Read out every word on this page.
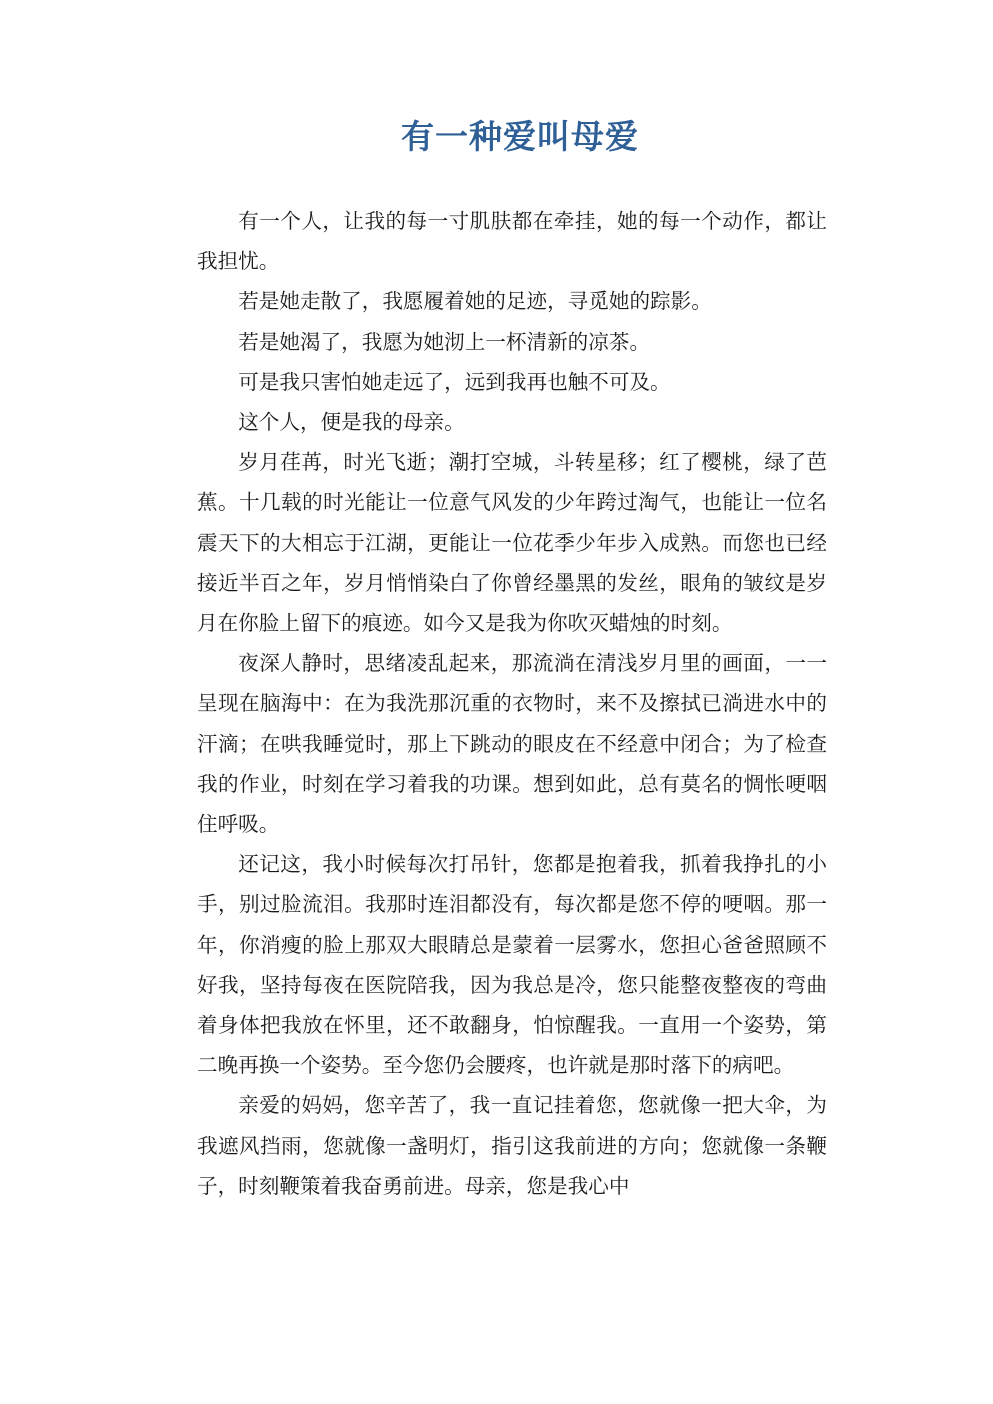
有一种爱叫母爱

有一个人，让我的每一寸肌肤都在牵挂，她的每一个动作，都让我担忧。

若是她走散了，我愿履着她的足迹，寻觅她的踪影。

若是她渴了，我愿为她沏上一杯清新的凉茶。

可是我只害怕她走远了，远到我再也触不可及。

这个人，便是我的母亲。

岁月荏苒，时光飞逝；潮打空城，斗转星移；红了樱桃，绿了芭蕉。十几载的时光能让一位意气风发的少年跨过淘气，也能让一位名震天下的大相忘于江湖，更能让一位花季少年步入成熟。而您也已经接近半百之年，岁月悄悄染白了你曾经墨黑的发丝，眼角的皱纹是岁月在你脸上留下的痕迹。如今又是我为你吹灭蜡烛的时刻。

夜深人静时，思绪凌乱起来，那流淌在清浅岁月里的画面，一一呈现在脑海中：在为我洗那沉重的衣物时，来不及擦拭已淌进水中的汗滴；在哄我睡觉时，那上下跳动的眼皮在不经意中闭合；为了检查我的作业，时刻在学习着我的功课。想到如此，总有莫名的惆怅哽咽住呼吸。

还记这，我小时候每次打吊针，您都是抱着我，抓着我挣扎的小手，别过脸流泪。我那时连泪都没有，每次都是您不停的哽咽。那一年，你消瘦的脸上那双大眼睛总是蒙着一层雾水，您担心爸爸照顾不好我，坚持每夜在医院陪我，因为我总是冷，您只能整夜整夜的弯曲着身体把我放在怀里，还不敢翻身，怕惊醒我。一直用一个姿势，第二晚再换一个姿势。至今您仍会腰疼，也许就是那时落下的病吧。

亲爱的妈妈，您辛苦了，我一直记挂着您，您就像一把大伞，为我遮风挡雨，您就像一盏明灯，指引这我前进的方向；您就像一条鞭子，时刻鞭策着我奋勇前进。母亲，您是我心中
